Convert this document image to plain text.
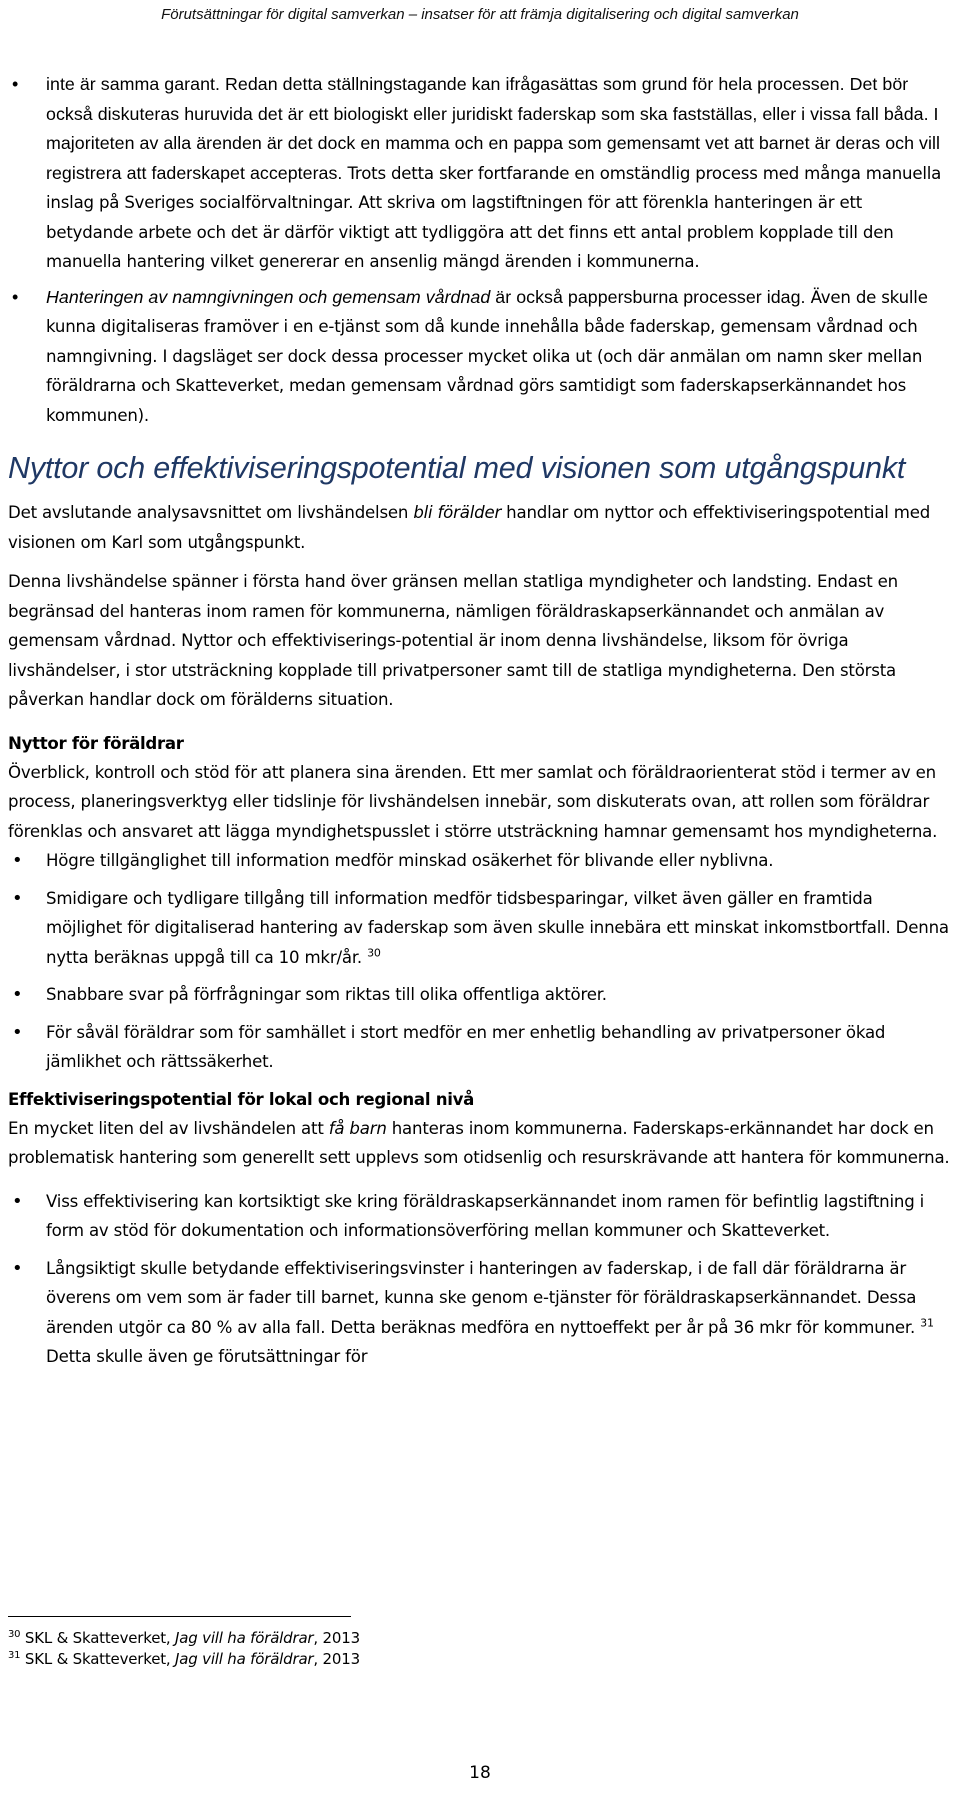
Förutsättningar för digital samverkan – insatser för att främja digitalisering och digital samverkan
• inte är samma garant. Redan detta ställningstagande kan ifrågasättas som grund för hela processen. Det bör också diskuteras huruvida det är ett biologiskt eller juridiskt faderskap som ska fastställas, eller i vissa fall båda. I majoriteten av alla ärenden är det dock en mamma och en pappa som gemensamt vet att barnet är deras och vill registrera att faderskapet accepteras. Trots detta sker fortfarande en omständlig process med många manuella inslag på Sveriges socialförvaltningar. Att skriva om lagstiftningen för att förenkla hanteringen är ett betydande arbete och det är därför viktigt att tydliggöra att det finns ett antal problem kopplade till den manuella hantering vilket genererar en ansenlig mängd ärenden i kommunerna.
• Hanteringen av namngivningen och gemensam vårdnad är också pappersburna processer idag. Även de skulle kunna digitaliseras framöver i en e-tjänst som då kunde innehålla både faderskap, gemensam vårdnad och namngivning. I dagsläget ser dock dessa processer mycket olika ut (och där anmälan om namn sker mellan föräldrarna och Skatteverket, medan gemensam vårdnad görs samtidigt som faderskapserkännandet hos kommunen).
Nyttor och effektiviseringspotential med visionen som utgångspunkt

Det avslutande analysavsnittet om livshändelsen bli förälder handlar om nyttor och effektiviseringspotential med visionen om Karl som utgångspunkt.

Denna livshändelse spänner i första hand över gränsen mellan statliga myndigheter och landsting. Endast en begränsad del hanteras inom ramen för kommunerna, nämligen föräldraskapserkännandet och anmälan av gemensam vårdnad. Nyttor och effektiviserings-potential är inom denna livshändelse, liksom för övriga livshändelser, i stor utsträckning kopplade till privatpersoner samt till de statliga myndigheterna. Den största påverkan handlar dock om förälderns situation.

Nyttor för föräldrar

Överblick, kontroll och stöd för att planera sina ärenden. Ett mer samlat och föräldraorienterat stöd i termer av en process, planeringsverktyg eller tidslinje för livshändelsen innebär, som diskuterats ovan, att rollen som föräldrar förenklas och ansvaret att lägga myndighetspusslet i större utsträckning hamnar gemensamt hos myndigheterna.

• Högre tillgänglighet till information medför minskad osäkerhet för blivande eller nyblivna.
• Smidigare och tydligare tillgång till information medför tidsbesparingar, vilket även gäller en framtida möjlighet för digitaliserad hantering av faderskap som även skulle innebära ett minskat inkomstbortfall. Denna nytta beräknas uppgå till ca 10 mkr/år. $^{30}$
• Snabbare svar på förfrågningar som riktas till olika offentliga aktörer.
• För såväl föräldrar som för samhället i stort medför en mer enhetlig behandling av privatpersoner ökad jämlikhet och rättssäkerhet.
Effektiviseringspotential för lokal och regional nivå

En mycket liten del av livshändelen att få barn hanteras inom kommunerna. Faderskaps-erkännandet har dock en problematisk hantering som generellt sett upplevs som otidsenlig och resurskrävande att hantera för kommunerna.

• Viss effektivisering kan kortsiktigt ske kring föräldraskapserkännandet inom ramen för befintlig lagstiftning i form av stöd för dokumentation och informationsöverföring mellan kommuner och Skatteverket.
• Långsiktigt skulle betydande effektiviseringsvinster i hanteringen av faderskap, i de fall där föräldrarna är överens om vem som är fader till barnet, kunna ske genom e-tjänster för föräldraskapserkännandet. Dessa ärenden utgör ca 80 % av alla fall. Detta beräknas medföra en nyttoeffekt per år på 36 mkr för kommuner. $^{31}$ Detta skulle även ge förutsättningar för
$^{30}$ SKL & Skatteverket, Jag vill ha föräldrar, 2013
$^{31}$ SKL & Skatteverket, Jag vill ha föräldrar, 2013
18
